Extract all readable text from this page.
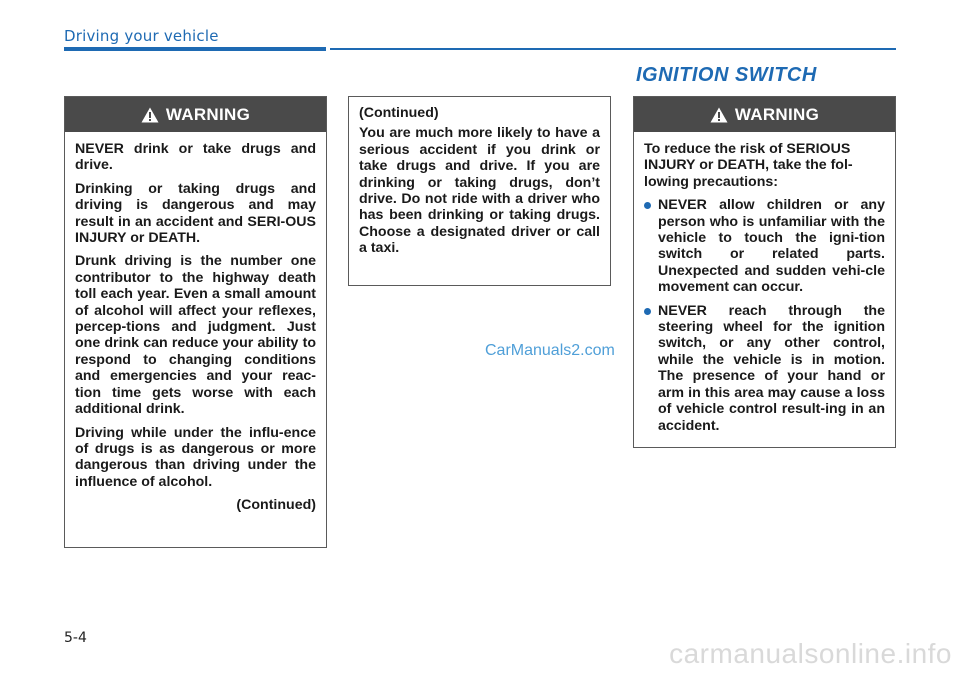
Driving your vehicle
IGNITION SWITCH
WARNING

NEVER drink or take drugs and drive.

Drinking or taking drugs and driving is dangerous and may result in an accident and SERI-OUS INJURY or DEATH.

Drunk driving is the number one contributor to the highway death toll each year. Even a small amount of alcohol will affect your reflexes, percep-tions and judgment. Just one drink can reduce your ability to respond to changing conditions and emergencies and your reac-tion time gets worse with each additional drink.

Driving while under the influ-ence of drugs is as dangerous or more dangerous than driving under the influence of alcohol.

(Continued)

(Continued)

You are much more likely to have a serious accident if you drink or take drugs and drive. If you are drinking or taking drugs, don’t drive. Do not ride with a driver who has been drinking or taking drugs. Choose a designated driver or call a taxi.

WARNING

To reduce the risk of SERIOUS INJURY or DEATH, take the fol-lowing precautions:

NEVER allow children or any person who is unfamiliar with the vehicle to touch the igni-tion switch or related parts. Unexpected and sudden vehi-cle movement can occur.
NEVER reach through the steering wheel for the ignition switch, or any other control, while the vehicle is in motion. The presence of your hand or arm in this area may cause a loss of vehicle control result-ing in an accident.
CarManuals2.com
5-4	carmanualsonline.info
